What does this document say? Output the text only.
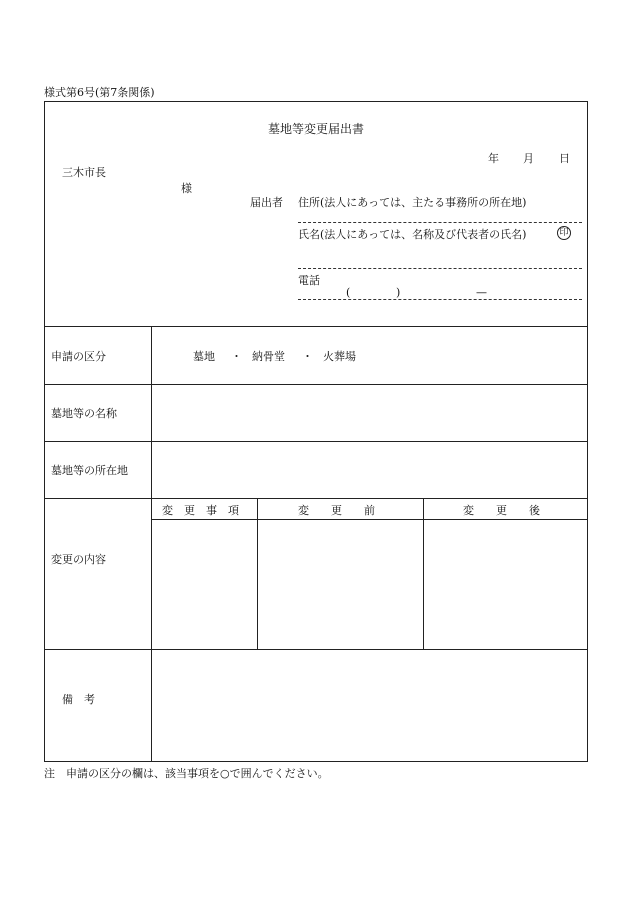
様式第6号(第7条関係)
墓地等変更届出書
年 月 日
三木市長
様
届出者 住所(法人にあっては、主たる事務所の所在地)
氏名(法人にあっては、名称及び代表者の氏名)	印
電話
(	)	—
申請の区分	墓地 ・ 納骨堂 ・ 火葬場
墓地等の名称
墓地等の所在地
変更の内容
変　更　事　項	変　　更　　前	変　　更　　後
備　考
注　申請の区分の欄は、該当事項を○で囲んでください。
